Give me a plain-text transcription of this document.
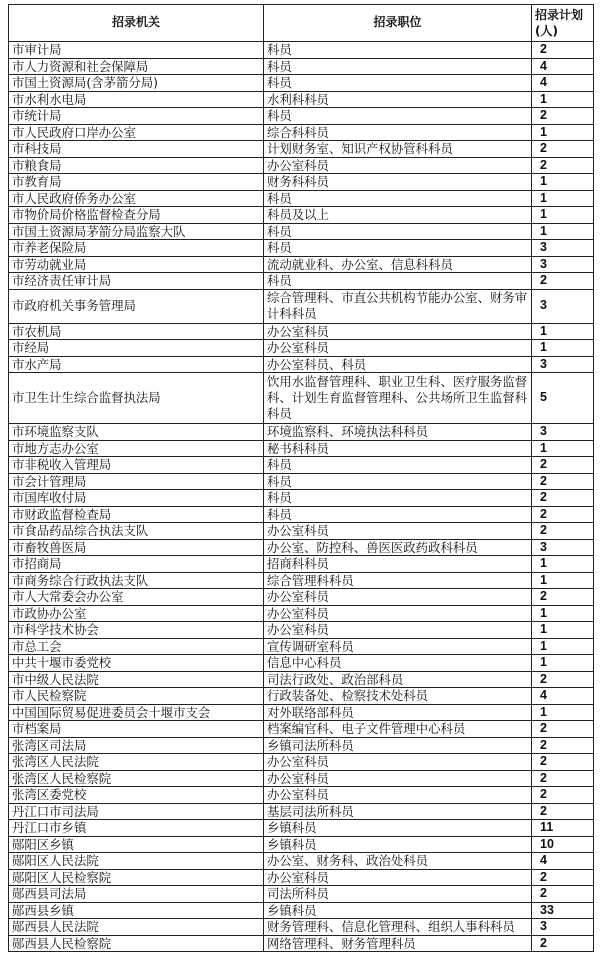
招录机关	招录职位	招录计划(人)
市审计局	科员	2
市人力资源和社会保障局	科员	4
市国土资源局(含茅箭分局)	科员	4
市水利水电局	水利科科员	1
市统计局	科员	2
市人民政府口岸办公室	综合科科员	1
市科技局	计划财务室、知识产权协管科科员	2
市粮食局	办公室科员	2
市教育局	财务科科员	1
市人民政府侨务办公室	科员	1
市物价局价格监督检查分局	科员及以上	1
市国土资源局茅箭分局监察大队	科员	1
市养老保险局	科员	3
市劳动就业局	流动就业科、办公室、信息科科员	3
市经济责任审计局	科员	2
市政府机关事务管理局	综合管理科、市直公共机构节能办公室、财务审计科科员	3
市农机局	办公室科员	1
市经局	办公室科员	1
市水产局	办公室科员、科员	3
市卫生计生综合监督执法局	饮用水监督管理科、职业卫生科、医疗服务监督科、计划生育监督管理科、公共场所卫生监督科科员	5
市环境监察支队	环境监察科、环境执法科科员	3
市地方志办公室	秘书科科员	1
市非税收入管理局	科员	2
市会计管理局	科员	2
市国库收付局	科员	2
市财政监督检查局	科员	2
市食品药品综合执法支队	办公室科员	2
市畜牧兽医局	办公室、防控科、兽医医政药政科科员	3
市招商局	招商科科员	1
市商务综合行政执法支队	综合管理科科员	1
市人大常委会办公室	办公室科员	2
市政协办公室	办公室科员	1
市科学技术协会	办公室科员	1
市总工会	宣传调研室科员	1
中共十堰市委党校	信息中心科员	1
市中级人民法院	司法行政处、政治部科员	2
市人民检察院	行政装备处、检察技术处科员	4
中国国际贸易促进委员会十堰市支会	对外联络部科员	1
市档案局	档案编官科、电子文件管理中心科员	2
张湾区司法局	乡镇司法所科员	2
张湾区人民法院	办公室科员	2
张湾区人民检察院	办公室科员	2
张湾区委党校	办公室科员	2
丹江口市司法局	基层司法所科员	2
丹江口市乡镇	乡镇科员	11
郧阳区乡镇	乡镇科员	10
郧阳区人民法院	办公室、财务科、政治处科员	4
郧阳区人民检察院	办公室科员	2
郧西县司法局	司法所科员	2
郧西县乡镇	乡镇科员	33
郧西县人民法院	财务管理科、信息化管理科、组织人事科科员	3
郧西县人民检察院	网络管理科、财务管理科员	2
